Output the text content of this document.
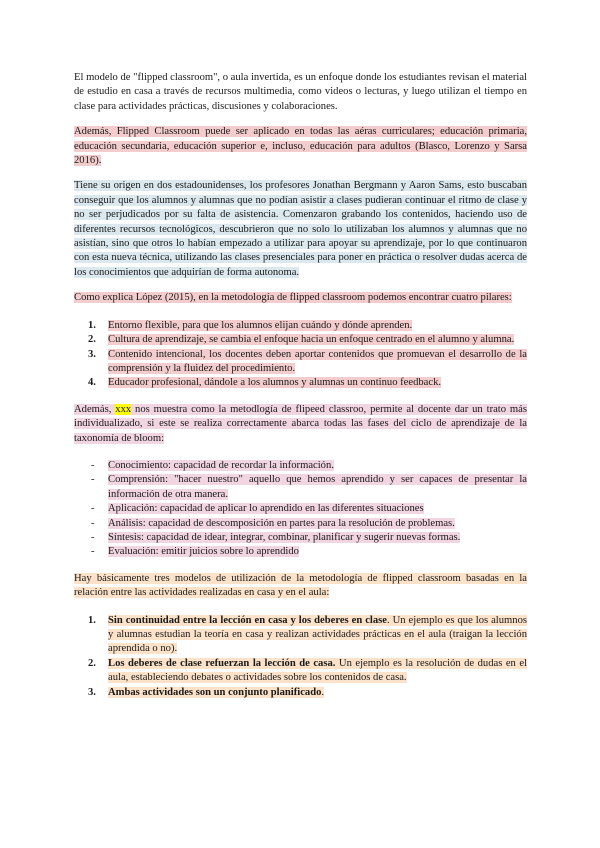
El modelo de "flipped classroom", o aula invertida, es un enfoque donde los estudiantes revisan el material de estudio en casa a través de recursos multimedia, como videos o lecturas, y luego utilizan el tiempo en clase para actividades prácticas, discusiones y colaboraciones.

Además, Flipped Classroom puede ser aplicado en todas las aéras curriculares; educación primaria, educación secundaria, educación superior e, incluso, educación para adultos (Blasco, Lorenzo y Sarsa 2016).

Tiene su origen en dos estadounidenses, los profesores Jonathan Bergmann y Aaron Sams, esto buscaban conseguir que los alumnos y alumnas que no podían asistir a clases pudieran continuar el ritmo de clase y no ser perjudicados por su falta de asistencia. Comenzaron grabando los contenidos, haciendo uso de diferentes recursos tecnológicos, descubrieron que no solo lo utilizaban los alumnos y alumnas que no asistían, sino que otros lo habían empezado a utilizar para apoyar su aprendizaje, por lo que continuaron con esta nueva técnica, utilizando las clases presenciales para poner en práctica o resolver dudas acerca de los conocimientos que adquirían de forma autonoma.

Como explica López (2015), en la metodología de flipped classroom podemos encontrar cuatro pilares:

1. Entorno flexible, para que los alumnos elijan cuándo y dónde aprenden.
2. Cultura de aprendizaje, se cambia el enfoque hacia un enfoque centrado en el alumno y alumna.
3. Contenido intencional, los docentes deben aportar contenidos que promuevan el desarrollo de la comprensión y la fluidez del procedimiento.
4. Educador profesional, dándole a los alumnos y alumnas un continuo feedback.

Además, xxx nos muestra como la metodlogía de flipeed classroo, permite al docente dar un trato más individualizado, si este se realiza correctamente abarca todas las fases del ciclo de aprendizaje de la taxonomía de bloom:

- Conocimiento: capacidad de recordar la información.
- Comprensión: "hacer nuestro" aquello que hemos aprendido y ser capaces de presentar la información de otra manera.
- Aplicación: capacidad de aplicar lo aprendido en las diferentes situaciones
- Análisis: capacidad de descomposición en partes para la resolución de problemas.
- Síntesis: capacidad de idear, integrar, combinar, planificar y sugerir nuevas formas.
- Evaluación: emitir juicios sobre lo aprendido

Hay básicamente tres modelos de utilización de la metodología de flipped classroom basadas en la relación entre las actividades realizadas en casa y en el aula:

1. Sin continuidad entre la lección en casa y los deberes en clase. Un ejemplo es que los alumnos y alumnas estudian la teoría en casa y realizan actividades prácticas en el aula (traigan la lección aprendida o no).
2. Los deberes de clase refuerzan la lección de casa. Un ejemplo es la resolución de dudas en el aula, estableciendo debates o actividades sobre los contenidos de casa.
3. Ambas actividades son un conjunto planificado.
